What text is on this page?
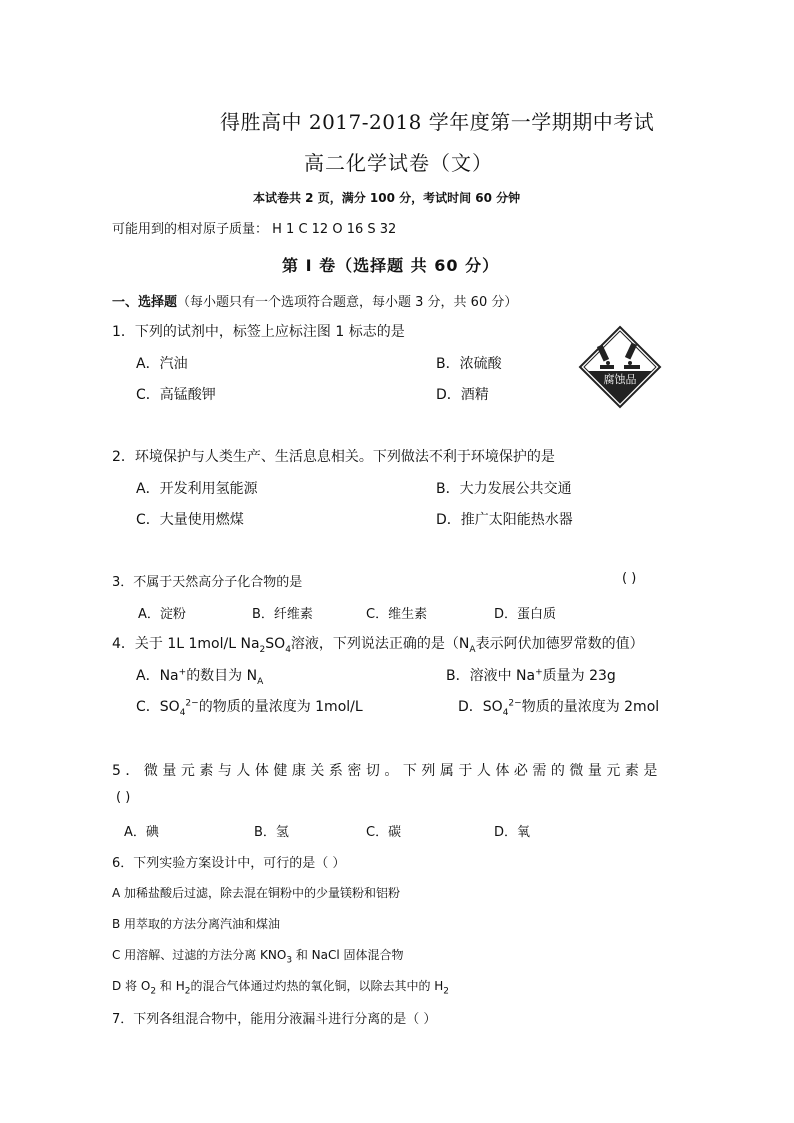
得胜高中 2017-2018 学年度第一学期期中考试
高二化学试卷（文）
本试卷共 2 页，满分 100 分，考试时间 60 分钟
可能用到的相对原子质量： H 1 C 12 O 16 S 32
第 Ⅰ 卷（选择题 共 60 分）
一、选择题（每小题只有一个选项符合题意，每小题 3 分，共 60 分）
1．下列的试剂中，标签上应标注图 1 标志的是
A．汽油	B．浓硫酸
C．高锰酸钾	D．酒精
腐蚀品
2．环境保护与人类生产、生活息息相关。下列做法不利于环境保护的是
A．开发利用氢能源	B．大力发展公共交通
C．大量使用燃煤	D．推广太阳能热水器
3．不属于天然高分子化合物的是	( )
A．淀粉	B．纤维素	C．维生素	D．蛋白质
4．关于 1L 1mol/L $Na_2SO_4$溶液，下列说法正确的是（$N_A$表示阿伏加德罗常数的值）
A．Na+的数目为 $N_A$	B．溶液中 Na+质量为 23g
C．$SO_4^{2-}$的物质的量浓度为 1mol/L	D．$SO_4^{2-}$物质的量浓度为 2mol
5．微量元素与人体健康关系密切。下列属于人体必需的微量元素是
( )
A．碘	B．氢	C．碳	D．氧
6．下列实验方案设计中，可行的是（ ）
A 加稀盐酸后过滤，除去混在铜粉中的少量镁粉和铝粉
B 用萃取的方法分离汽油和煤油
C 用溶解、过滤的方法分离 $KNO_3$ 和 NaCl 固体混合物
D 将 $O_2$ 和 $H_2$的混合气体通过灼热的氧化铜，以除去其中的 $H_2$
7．下列各组混合物中，能用分液漏斗进行分离的是（ ）
